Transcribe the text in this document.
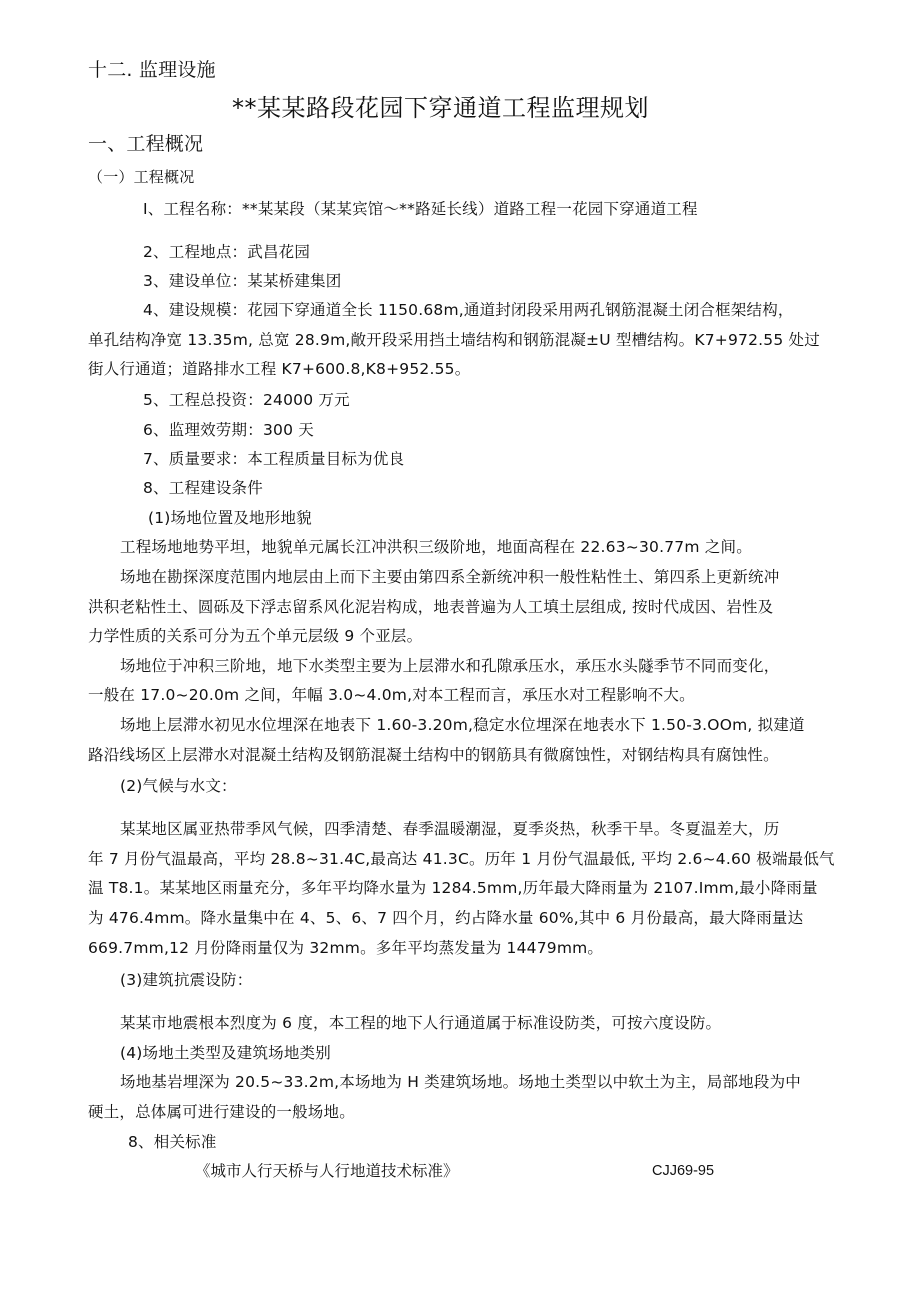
十二. 监理设施
**某某路段花园下穿通道工程监理规划
一、工程概况
（一）工程概况
I、工程名称：**某某段（某某宾馆～**路延长线）道路工程一花园下穿通道工程
2、工程地点：武昌花园
3、建设单位：某某桥建集团
4、建设规模：花园下穿通道全长 1150.68m,通道封闭段采用两孔钢筋混凝土闭合框架结构，
单孔结构净宽 13.35m, 总宽 28.9m,敞开段采用挡土墙结构和钢筋混凝±U 型槽结构。K7+972.55 处过
街人行通道；道路排水工程 K7+600.8,K8+952.55。
5、工程总投资：24000 万元
6、监理效劳期：300 天
7、质量要求：本工程质量目标为优良
8、工程建设条件
(1)场地位置及地形地貌
工程场地地势平坦，地貌单元属长江冲洪积三级阶地，地面高程在 22.63~30.77m 之间。
场地在勘探深度范围内地层由上而下主要由第四系全新统冲积一般性粘性土、第四系上更新统冲
洪积老粘性土、圆砾及下浮志留系风化泥岩构成，地表普遍为人工填土层组成, 按时代成因、岩性及
力学性质的关系可分为五个单元层级 9 个亚层。
场地位于冲积三阶地，地下水类型主要为上层滞水和孔隙承压水，承压水头隧季节不同而变化，
一般在 17.0~20.0m 之间，年幅 3.0~4.0m,对本工程而言，承压水对工程影响不大。
场地上层滞水初见水位埋深在地表下 1.60-3.20m,稳定水位埋深在地表水下 1.50-3.OOm, 拟建道
路沿线场区上层滞水对混凝土结构及钢筋混凝土结构中的钢筋具有微腐蚀性，对钢结构具有腐蚀性。
(2)气候与水文：
某某地区属亚热带季风气候，四季清楚、春季温暖潮湿，夏季炎热，秋季干旱。冬夏温差大，历
年 7 月份气温最高，平均 28.8~31.4C,最高达 41.3C。历年 1 月份气温最低, 平均 2.6~4.60 极端最低气
温 T8.1。某某地区雨量充分，多年平均降水量为 1284.5mm,历年最大降雨量为 2107.Imm,最小降雨量
为 476.4mm。降水量集中在 4、5、6、7 四个月，约占降水量 60%,其中 6 月份最高，最大降雨量达
669.7mm,12 月份降雨量仅为 32mm。多年平均蒸发量为 14479mm。
(3)建筑抗震设防：
某某市地震根本烈度为 6 度，本工程的地下人行通道属于标准设防类，可按六度设防。
(4)场地土类型及建筑场地类别
场地基岩埋深为 20.5~33.2m,本场地为 H 类建筑场地。场地土类型以中软土为主，局部地段为中
硬土，总体属可进行建设的一般场地。
8、相关标准
《城市人行天桥与人行地道技术标准》	CJJ69-95
